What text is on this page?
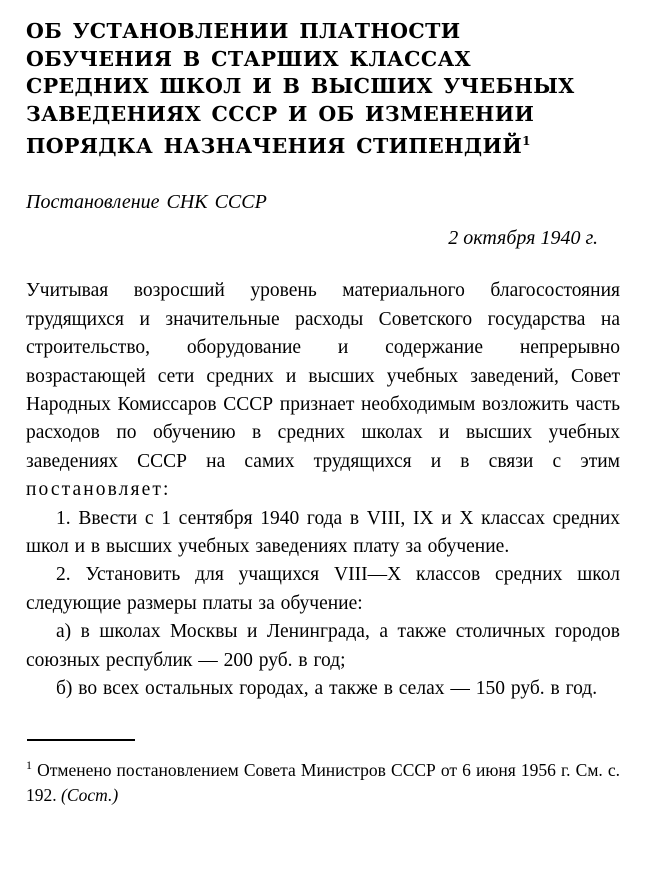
ОБ УСТАНОВЛЕНИИ ПЛАТНОСТИ
ОБУЧЕНИЯ В СТАРШИХ КЛАССАХ
СРЕДНИХ ШКОЛ И В ВЫСШИХ УЧЕБНЫХ
ЗАВЕДЕНИЯХ СССР И ОБ ИЗМЕНЕНИИ
ПОРЯДКА НАЗНАЧЕНИЯ СТИПЕНДИЙ$^1$
Постановление СНК СССР
2 октября 1940 г.

Учитывая возросший уровень материального благосостояния трудящихся и значительные расходы Советского государства на строительство, оборудование и содержание непрерывно возрастающей сети средних и высших учебных заведений, Совет Народных Комиссаров СССР признает необходимым возложить часть расходов по обучению в средних школах и высших учебных заведениях СССР на самих трудящихся и в связи с этим постановляет:

1. Ввести с 1 сентября 1940 года в VIII, IX и X классах средних школ и в высших учебных заведениях плату за обучение.

2. Установить для учащихся VIII—X классов средних школ следующие размеры платы за обучение:

а) в школах Москвы и Ленинграда, а также столичных городов союзных республик — 200 руб. в год;

б) во всех остальных городах, а также в селах — 150 руб. в год.

$^1$ Отменено постановлением Совета Министров СССР от 6 июня 1956 г. См. с. 192. (Сост.)
